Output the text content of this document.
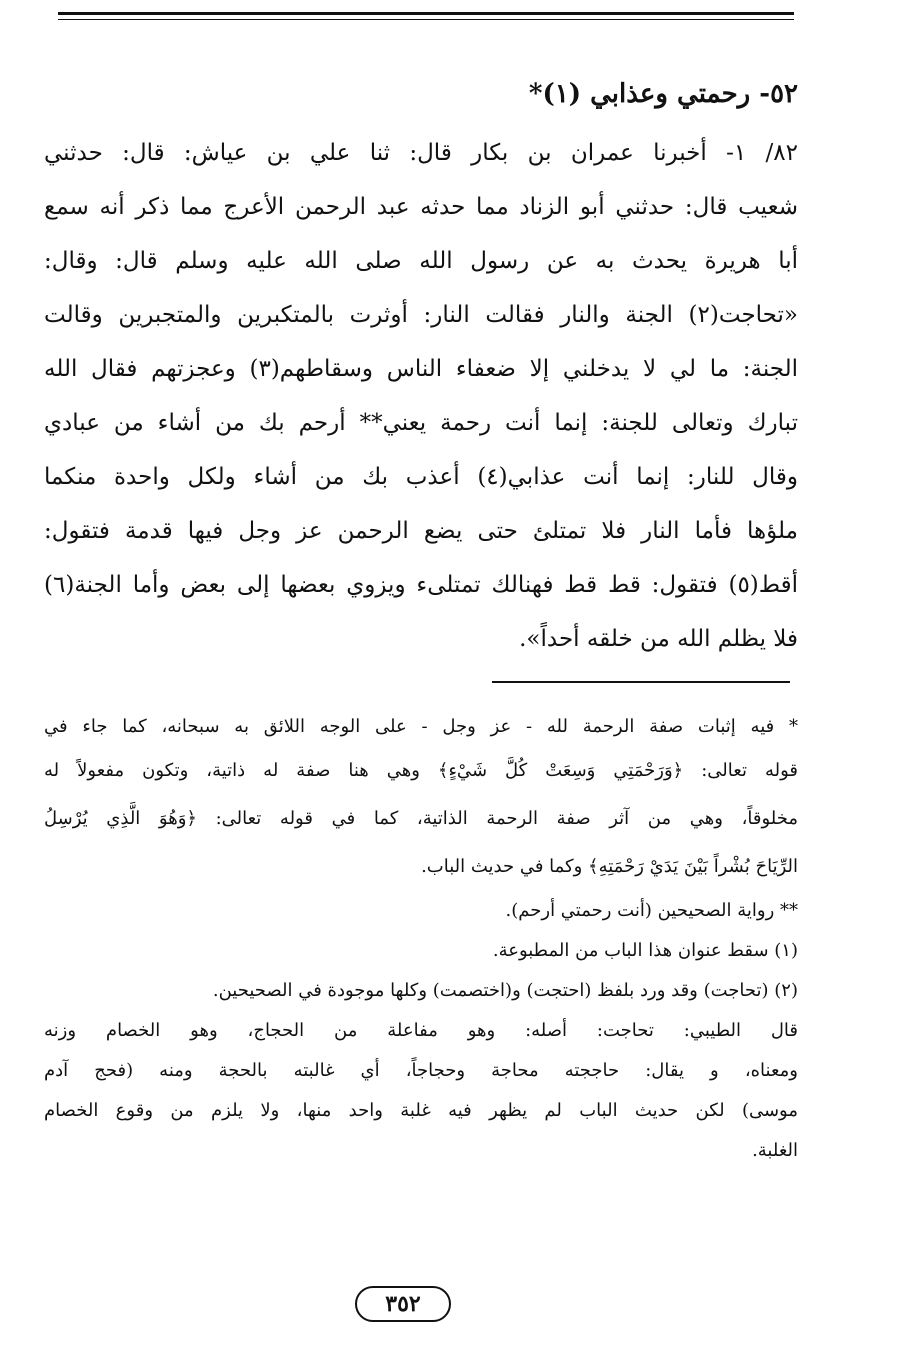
٥٢- رحمتي وعذابي (١)*
٨٢/ ١- أخبرنا عمران بن بكار قال: ثنا علي بن عياش: قال: حدثني
شعيب قال: حدثني أبو الزناد مما حدثه عبد الرحمن الأعرج مما ذكر أنه سمع
أبا هريرة يحدث به عن رسول الله صلى الله عليه وسلم قال: وقال:
«تحاجت(٢) الجنة والنار فقالت النار: أوثرت بالمتكبرين والمتجبرين وقالت
الجنة: ما لي لا يدخلني إلا ضعفاء الناس وسقاطهم(٣) وعجزتهم فقال الله
تبارك وتعالى للجنة: إنما أنت رحمة يعني** أرحم بك من أشاء من عبادي
وقال للنار: إنما أنت عذابي(٤) أعذب بك من أشاء ولكل واحدة منكما
ملؤها فأما النار فلا تمتلئ حتى يضع الرحمن عز وجل فيها قدمة فتقول:
أقط(٥) فتقول: قط قط فهنالك تمتلىء ويزوي بعضها إلى بعض وأما الجنة(٦)
فلا يظلم الله من خلقه أحداً».
* فيه إثبات صفة الرحمة لله - عز وجل - على الوجه اللائق به سبحانه، كما جاء في
قوله تعالى: ﴿وَرَحْمَتِي وَسِعَتْ كُلَّ شَيْءٍ﴾ وهي هنا صفة له ذاتية، وتكون مفعولاً له
مخلوقاً، وهي من آثر صفة الرحمة الذاتية، كما في قوله تعالى: ﴿وَهُوَ الَّذِي يُرْسِلُ
الرِّيَاحَ بُشْراً بَيْنَ يَدَيْ رَحْمَتِهِ﴾ وكما في حديث الباب.
** رواية الصحيحين (أنت رحمتي أرحم).
(١) سقط عنوان هذا الباب من المطبوعة.
(٢) (تحاجت) وقد ورد بلفظ (احتجت) و(اختصمت) وكلها موجودة في الصحيحين.
قال الطيبي: تحاجت: أصله: وهو مفاعلة من الحجاج، وهو الخصام وزنه
ومعناه، و يقال: حاججته محاجة وحجاجاً، أي غالبته بالحجة ومنه (فحج آدم
موسى) لكن حديث الباب لم يظهر فيه غلبة واحد منها، ولا يلزم من وقوع الخصام
الغلبة.
٣٥٢
